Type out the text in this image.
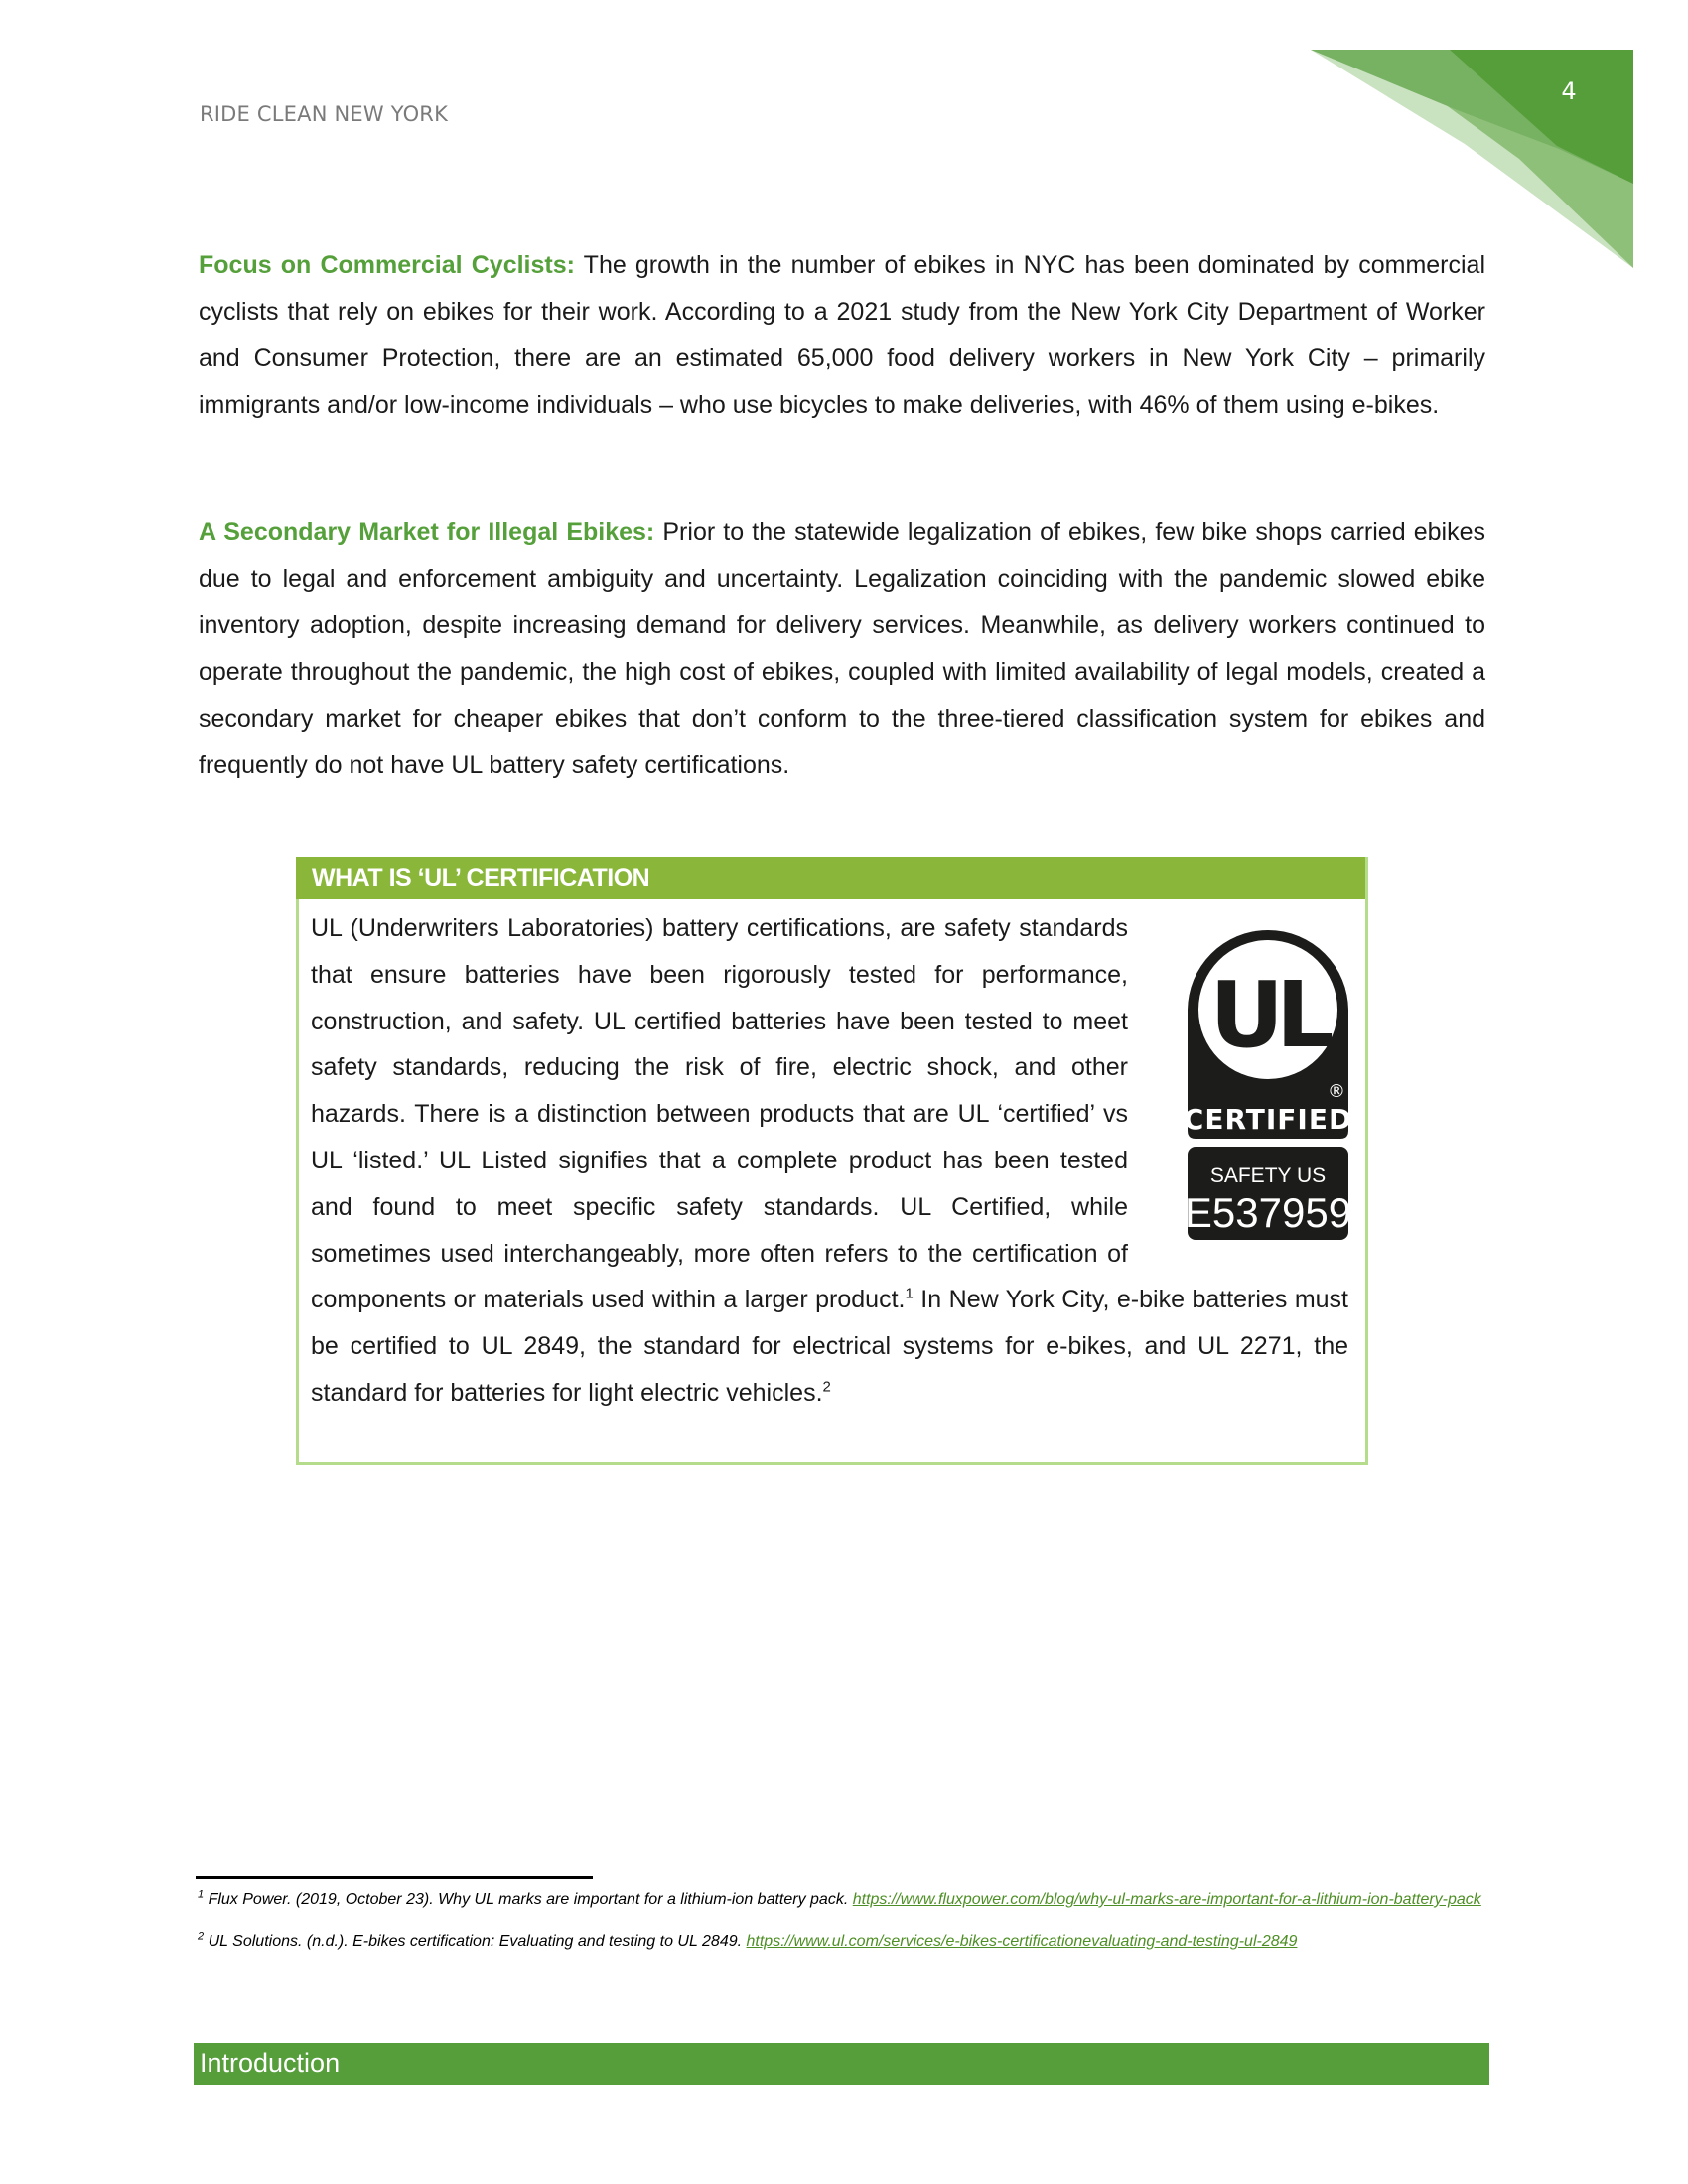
4
RIDE CLEAN NEW YORK
Focus on Commercial Cyclists: The growth in the number of ebikes in NYC has been dominated by commercial cyclists that rely on ebikes for their work. According to a 2021 study from the New York City Department of Worker and Consumer Protection, there are an estimated 65,000 food delivery workers in New York City – primarily immigrants and/or low-income individuals – who use bicycles to make deliveries, with 46% of them using e-bikes.
A Secondary Market for Illegal Ebikes: Prior to the statewide legalization of ebikes, few bike shops carried ebikes due to legal and enforcement ambiguity and uncertainty. Legalization coinciding with the pandemic slowed ebike inventory adoption, despite increasing demand for delivery services. Meanwhile, as delivery workers continued to operate throughout the pandemic, the high cost of ebikes, coupled with limited availability of legal models, created a secondary market for cheaper ebikes that don’t conform to the three-tiered classification system for ebikes and frequently do not have UL battery safety certifications.
WHAT IS ‘UL’ CERTIFICATION
UL (Underwriters Laboratories) battery certifications, are safety standards that ensure batteries have been rigorously tested for performance, construction, and safety. UL certified batteries have been tested to meet safety standards, reducing the risk of fire, electric shock, and other hazards. There is a distinction between products that are UL ‘certified’ vs UL ‘listed.’ UL Listed signifies that a complete product has been tested and found to meet specific safety standards. UL Certified, while sometimes used interchangeably, more often refers to the certification of components or materials used within a larger product.$^1$ In New York City, e-bike batteries must be certified to UL 2849, the standard for electrical systems for e-bikes, and UL 2271, the standard for batteries for light electric vehicles.$^2$
UL
®
CERTIFIED
SAFETY US
E537959
$^1$ Flux Power. (2019, October 23). Why UL marks are important for a lithium-ion battery pack. https://www.fluxpower.com/blog/why-ul-marks-are-important-for-a-lithium-ion-battery-pack
$^2$ UL Solutions. (n.d.). E-bikes certification: Evaluating and testing to UL 2849. https://www.ul.com/services/e-bikes-certificationevaluating-and-testing-ul-2849
Introduction
